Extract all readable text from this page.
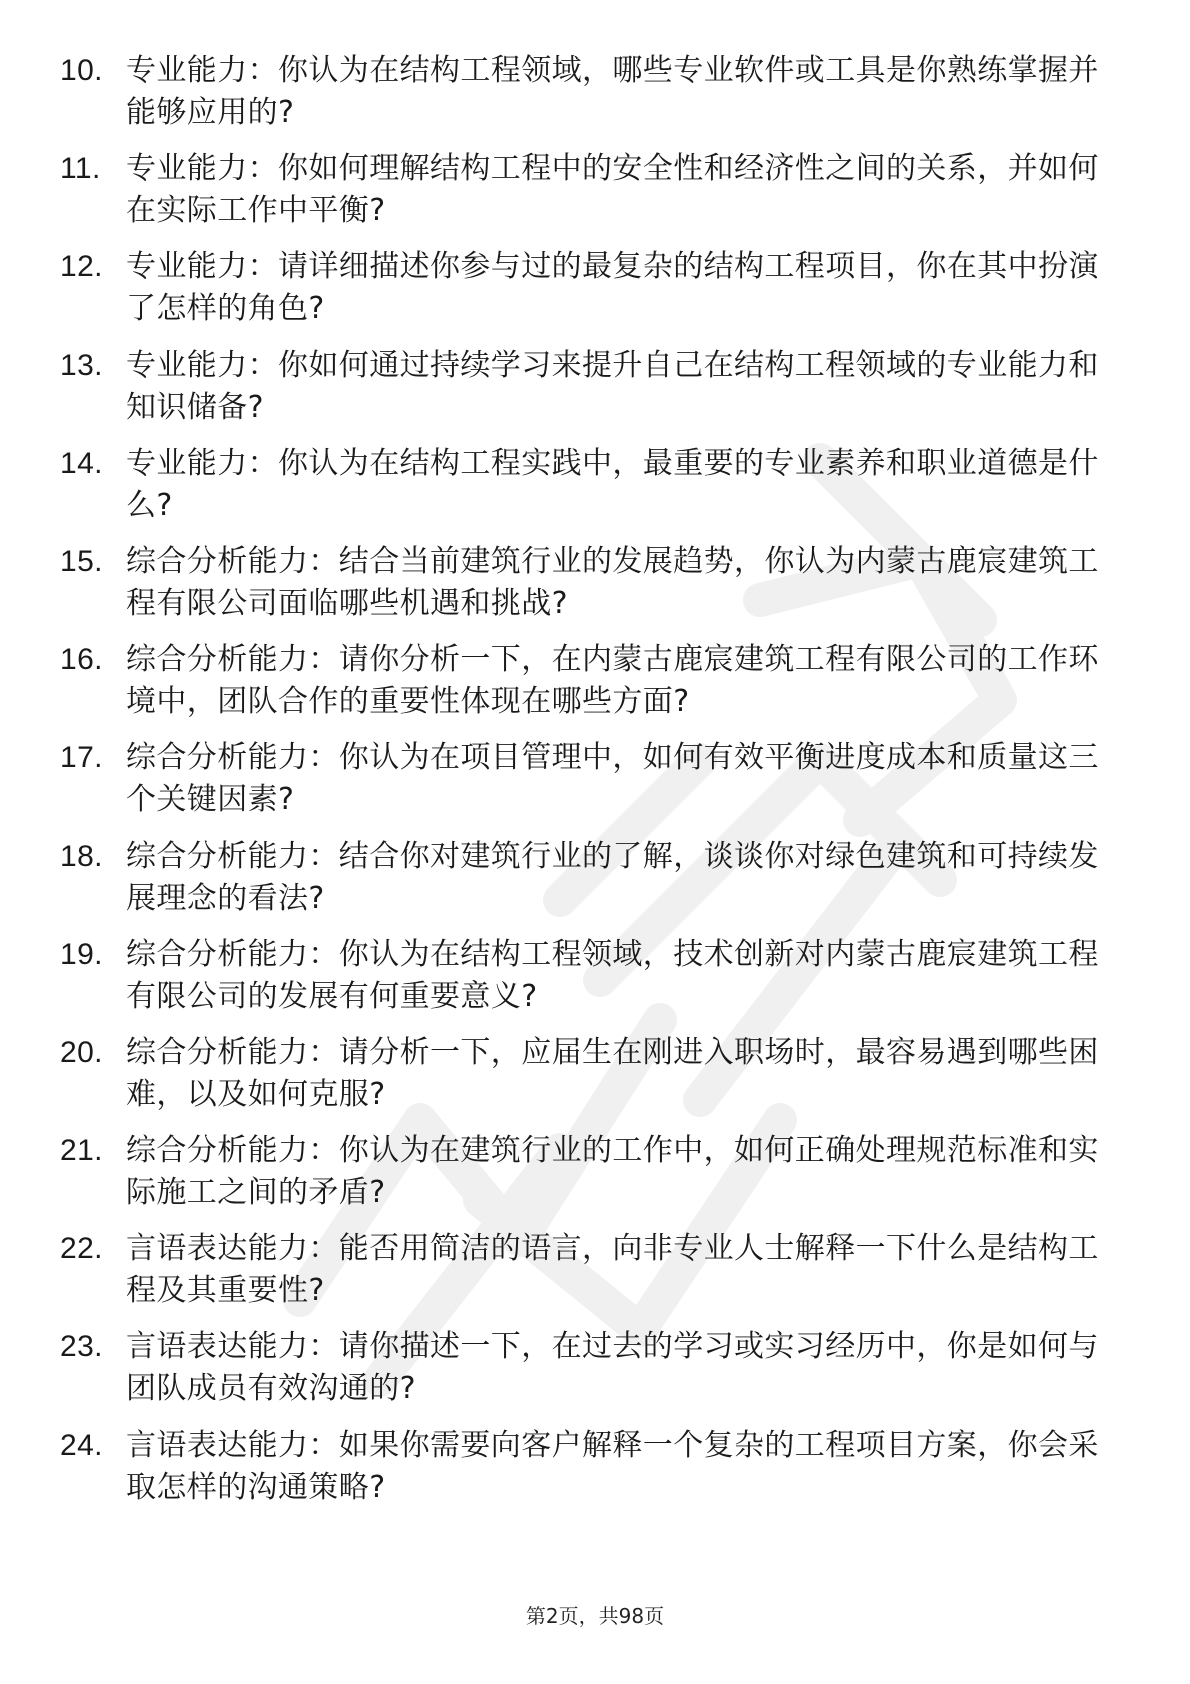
10. 专业能力：你认为在结构工程领域，哪些专业软件或工具是你熟练掌握并能够应用的?
11. 专业能力：你如何理解结构工程中的安全性和经济性之间的关系，并如何在实际工作中平衡?
12. 专业能力：请详细描述你参与过的最复杂的结构工程项目，你在其中扮演了怎样的角色?
13. 专业能力：你如何通过持续学习来提升自己在结构工程领域的专业能力和知识储备?
14. 专业能力：你认为在结构工程实践中，最重要的专业素养和职业道德是什么?
15. 综合分析能力：结合当前建筑行业的发展趋势，你认为内蒙古鹿宸建筑工程有限公司面临哪些机遇和挑战?
16. 综合分析能力：请你分析一下，在内蒙古鹿宸建筑工程有限公司的工作环境中，团队合作的重要性体现在哪些方面?
17. 综合分析能力：你认为在项目管理中，如何有效平衡进度成本和质量这三个关键因素?
18. 综合分析能力：结合你对建筑行业的了解，谈谈你对绿色建筑和可持续发展理念的看法?
19. 综合分析能力：你认为在结构工程领域，技术创新对内蒙古鹿宸建筑工程有限公司的发展有何重要意义?
20. 综合分析能力：请分析一下，应届生在刚进入职场时，最容易遇到哪些困难，以及如何克服?
21. 综合分析能力：你认为在建筑行业的工作中，如何正确处理规范标准和实际施工之间的矛盾?
22. 言语表达能力：能否用简洁的语言，向非专业人士解释一下什么是结构工程及其重要性?
23. 言语表达能力：请你描述一下，在过去的学习或实习经历中，你是如何与团队成员有效沟通的?
24. 言语表达能力：如果你需要向客户解释一个复杂的工程项目方案，你会采取怎样的沟通策略?
第2页，共98页
